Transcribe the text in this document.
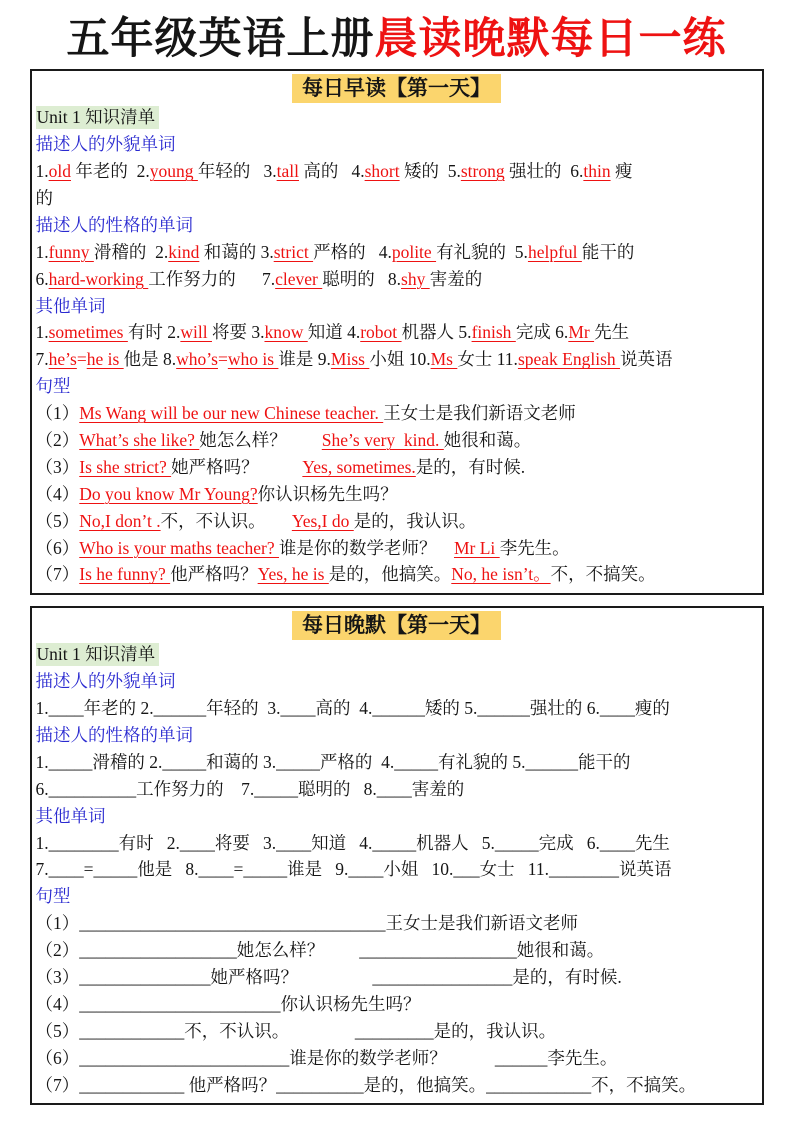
五年级英语上册晨读晚默每日一练
每日早读【第一天】
Unit 1 知识清单
描述人的外貌单词
1.old 年老的  2.young 年轻的   3.tall 高的   4.short 矮的  5.strong 强壮的  6.thin 瘦
的
描述人的性格的单词
1.funny 滑稽的  2.kind 和蔼的 3.strict 严格的   4.polite 有礼貌的  5.helpful 能干的
6.hard-working 工作努力的      7.clever 聪明的   8.shy 害羞的
其他单词
1.sometimes 有时 2.will 将要 3.know 知道 4.robot 机器人 5.finish 完成 6.Mr 先生
7.he’s=he is 他是 8.who’s=who is 谁是 9.Miss 小姐 10.Ms 女士 11.speak English 说英语
句型
（1）Ms Wang will be our new Chinese teacher. 王女士是我们新语文老师
（2）What’s she like? 她怎么样？ She’s very  kind. 她很和蔼。
（3）Is she strict? 她严格吗？	Yes, sometimes.是的，有时候.
（4）Do you know Mr Young?你认识杨先生吗？
（5）No,I don’t .不，不认识。 Yes,I do 是的，我认识。
（6）Who is your maths teacher? 谁是你的数学老师？ Mr Li 李先生。
（7）Is he funny? 他严格吗？Yes, he is 是的，他搞笑。No, he isn’t。不，不搞笑。
每日晚默【第一天】
Unit 1 知识清单
描述人的外貌单词
1.____年老的 2.______年轻的  3.____高的  4.______矮的 5.______强壮的 6.____瘦的
描述人的性格的单词
1._____滑稽的 2._____和蔼的 3._____严格的  4._____有礼貌的 5.______能干的
6.__________工作努力的    7._____聪明的   8.____害羞的
其他单词
1.________有时   2.____将要   3.____知道   4._____机器人   5._____完成   6.____先生
7.____=_____他是   8.____=_____谁是   9.____小姐   10.___女士   11.________说英语
句型
（1）___________________________________王女士是我们新语文老师
（2）__________________她怎么样？        __________________她很和蔼。
（3）_______________她严格吗？                 ________________是的，有时候.
（4）_______________________你认识杨先生吗？
（5）____________不，不认识。               _________是的，我认识。
（6）________________________谁是你的数学老师？           ______李先生。
（7）____________ 他严格吗？__________是的，他搞笑。____________不，不搞笑。
